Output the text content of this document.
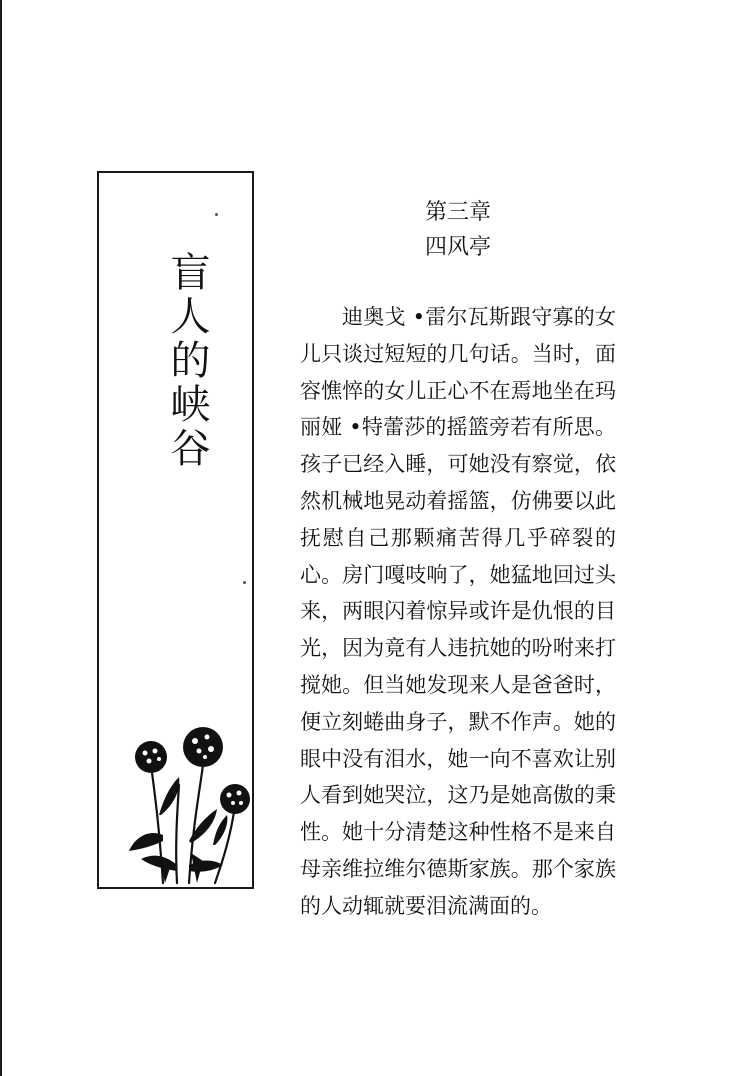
盲人的峡谷
第三章
四风亭

迪奥戈 •雷尔瓦斯跟守寡的女儿只谈过短短的几句话。当时，面容憔悴的女儿正心不在焉地坐在玛丽娅 •特蕾莎的摇篮旁若有所思。孩子已经入睡，可她没有察觉，依然机械地晃动着摇篮，仿佛要以此抚慰自己那颗痛苦得几乎碎裂的心。房门嘎吱响了，她猛地回过头来，两眼闪着惊异或许是仇恨的目光，因为竟有人违抗她的吩咐来打搅她。但当她发现来人是爸爸时，便立刻蜷曲身子，默不作声。她的眼中没有泪水，她一向不喜欢让别人看到她哭泣，这乃是她高傲的秉性。她十分清楚这种性格不是来自母亲维拉维尔德斯家族。那个家族的人动辄就要泪流满面的。
